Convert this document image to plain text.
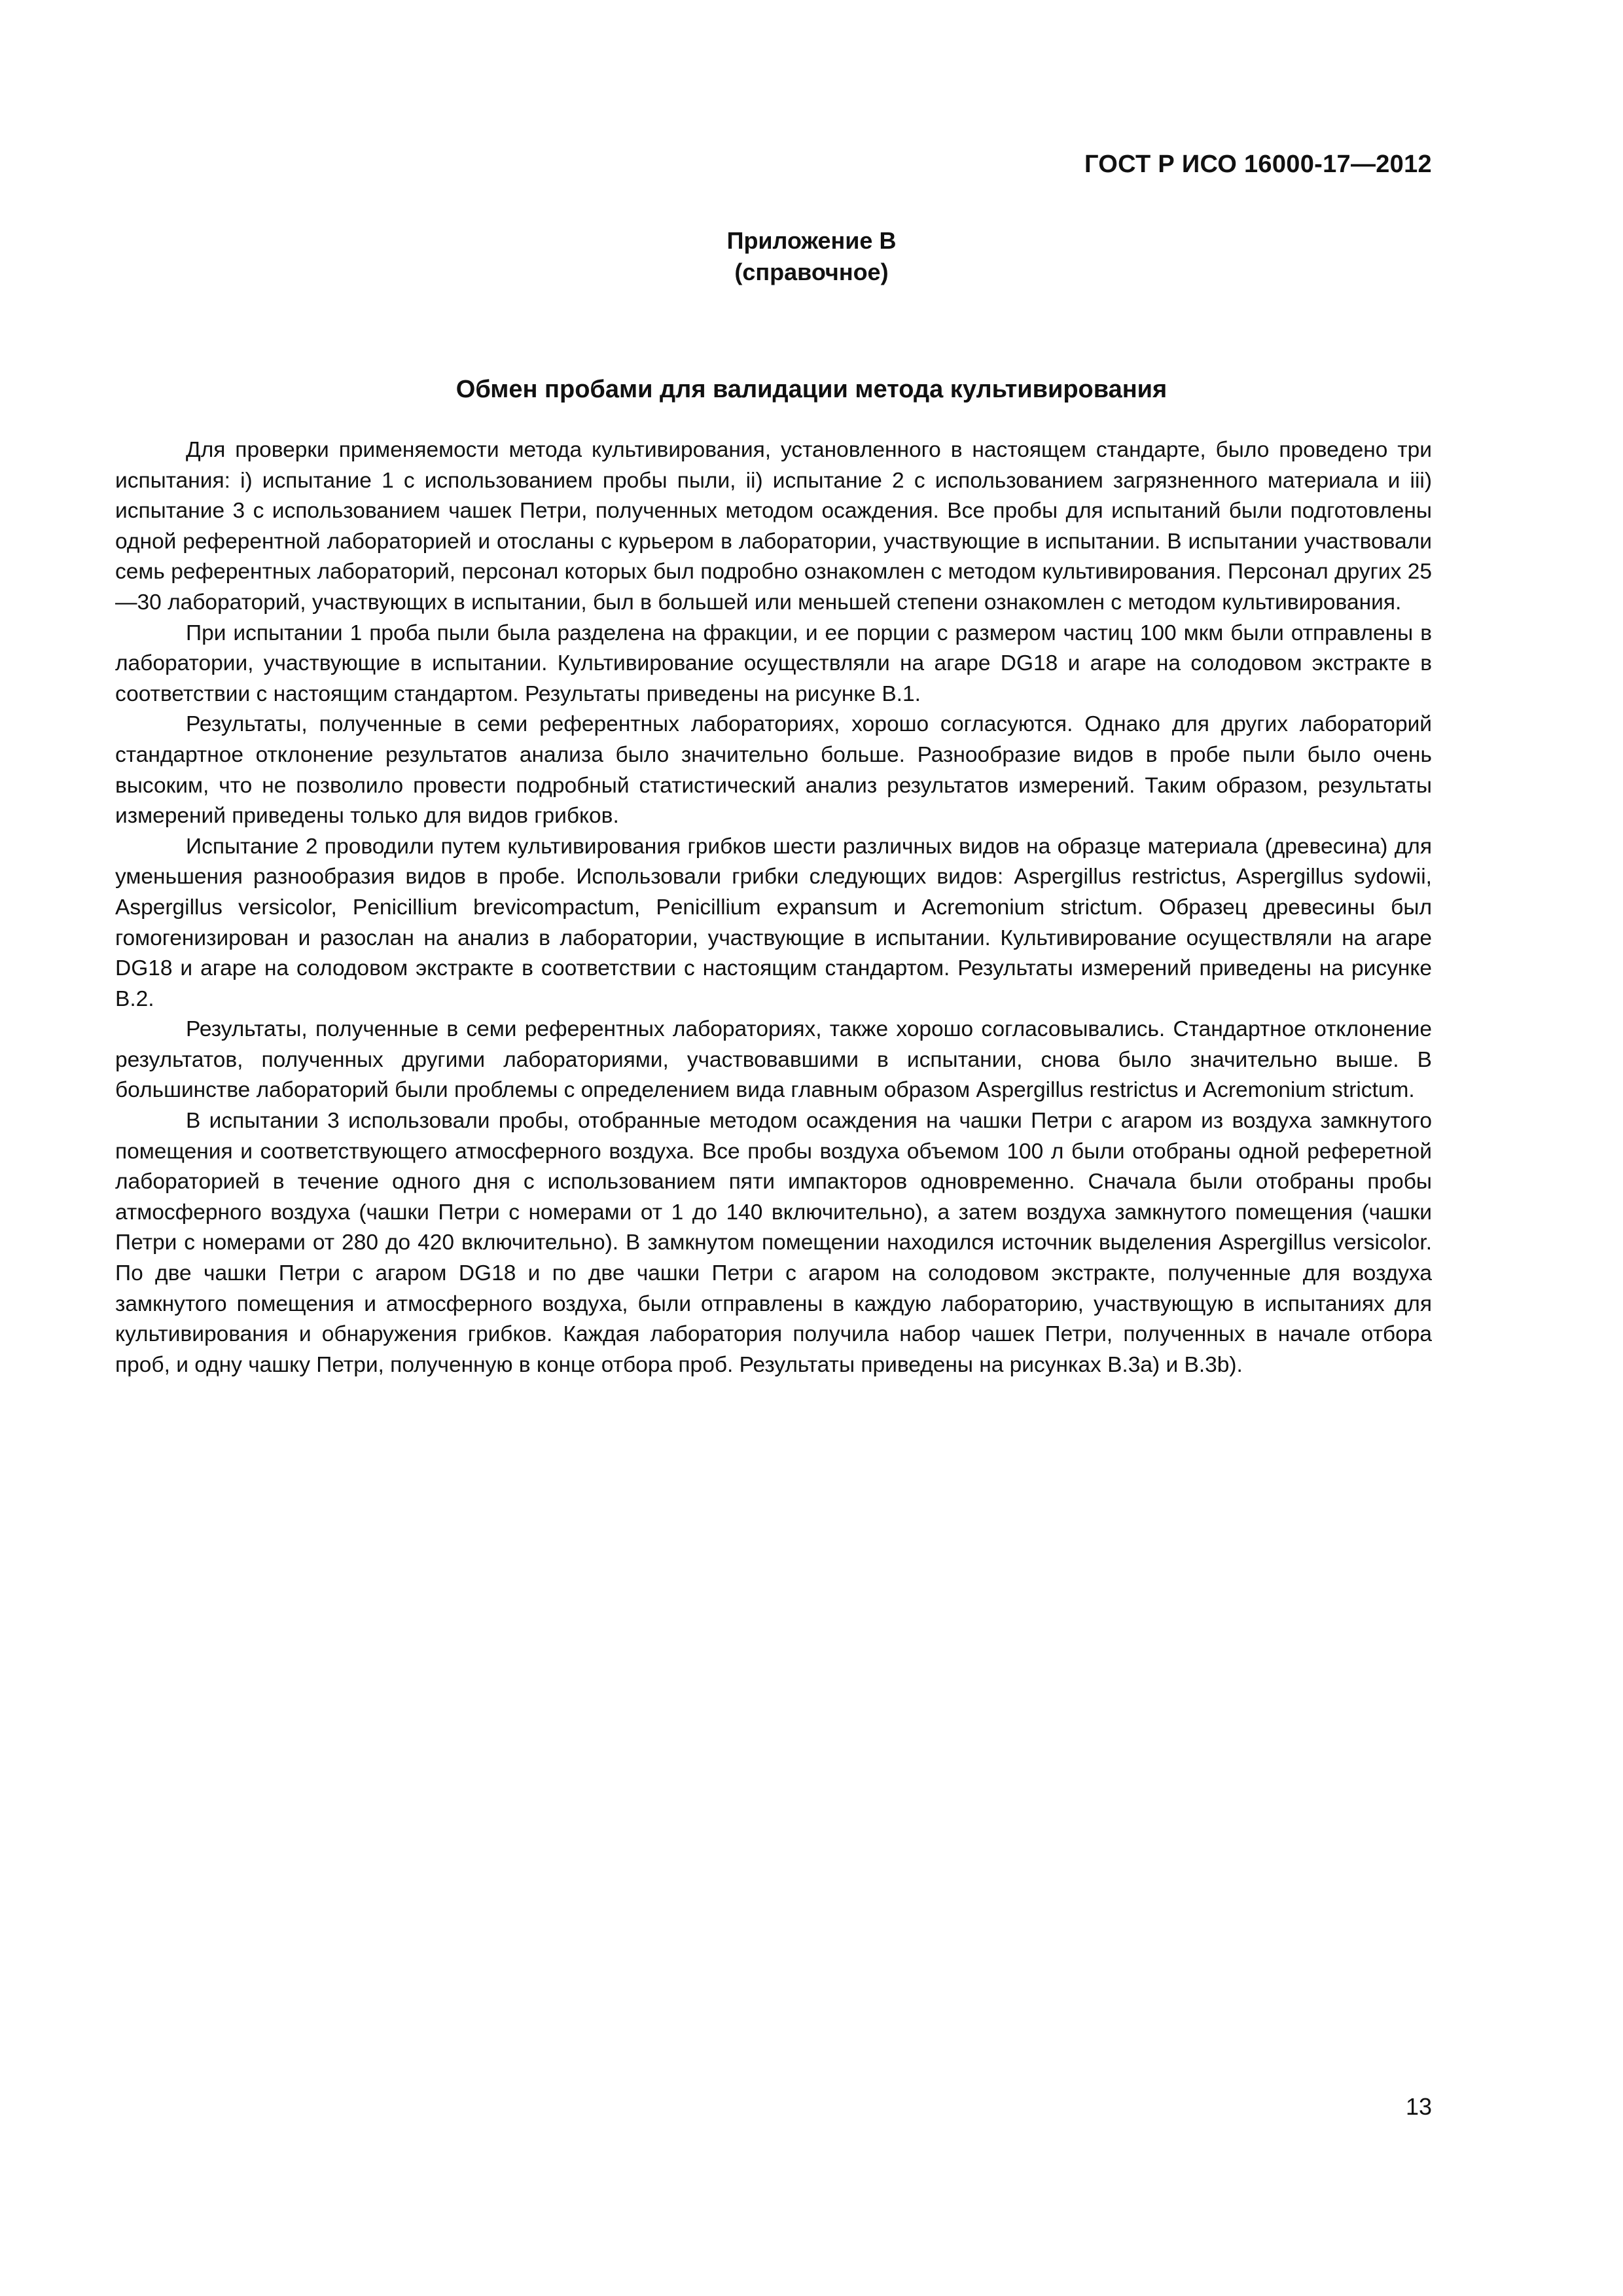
ГОСТ Р ИСО 16000-17—2012
Приложение В
(справочное)
Обмен пробами для валидации метода культивирования

Для проверки применяемости метода культивирования, установленного в настоящем стандарте, было проведено три испытания: i) испытание 1 с использованием пробы пыли, ii) испытание 2 с использованием загрязненного материала и iii) испытание 3 с использованием чашек Петри, полученных методом осаждения. Все пробы для испытаний были подготовлены одной референтной лабораторией и отосланы с курьером в лаборатории, участвующие в испытании. В испытании участвовали семь референтных лабораторий, персонал которых был подробно ознакомлен с методом культивирования. Персонал других 25—30 лабораторий, участвующих в испытании, был в большей или меньшей степени ознакомлен с методом культивирования.

При испытании 1 проба пыли была разделена на фракции, и ее порции с размером частиц 100 мкм были отправлены в лаборатории, участвующие в испытании. Культивирование осуществляли на агаре DG18 и агаре на солодовом экстракте в соответствии с настоящим стандартом. Результаты приведены на рисунке В.1.

Результаты, полученные в семи референтных лабораториях, хорошо согласуются. Однако для других лабораторий стандартное отклонение результатов анализа было значительно больше. Разнообразие видов в пробе пыли было очень высоким, что не позволило провести подробный статистический анализ результатов измерений. Таким образом, результаты измерений приведены только для видов грибков.

Испытание 2 проводили путем культивирования грибков шести различных видов на образце материала (древесина) для уменьшения разнообразия видов в пробе. Использовали грибки следующих видов: Aspergillus restrictus, Aspergillus sydowii, Aspergillus versicolor, Penicillium brevicompactum, Penicillium expansum и Acremonium strictum. Образец древесины был гомогенизирован и разослан на анализ в лаборатории, участвующие в испытании. Культивирование осуществляли на агаре DG18 и агаре на солодовом экстракте в соответствии с настоящим стандартом. Результаты измерений приведены на рисунке В.2.

Результаты, полученные в семи референтных лабораториях, также хорошо согласовывались. Стандартное отклонение результатов, полученных другими лабораториями, участвовавшими в испытании, снова было значительно выше. В большинстве лабораторий были проблемы с определением вида главным образом Aspergillus restrictus и Acremonium strictum.

В испытании 3 использовали пробы, отобранные методом осаждения на чашки Петри с агаром из воздуха замкнутого помещения и соответствующего атмосферного воздуха. Все пробы воздуха объемом 100 л были отобраны одной реферетной лабораторией в течение одного дня с использованием пяти импакторов одновременно. Сначала были отобраны пробы атмосферного воздуха (чашки Петри с номерами от 1 до 140 включительно), а затем воздуха замкнутого помещения (чашки Петри с номерами от 280 до 420 включительно). В замкнутом помещении находился источник выделения Aspergillus versicolor. По две чашки Петри с агаром DG18 и по две чашки Петри с агаром на солодовом экстракте, полученные для воздуха замкнутого помещения и атмосферного воздуха, были отправлены в каждую лабораторию, участвующую в испытаниях для культивирования и обнаружения грибков. Каждая лаборатория получила набор чашек Петри, полученных в начале отбора проб, и одну чашку Петри, полученную в конце отбора проб. Результаты приведены на рисунках В.3а) и В.3b).

13
